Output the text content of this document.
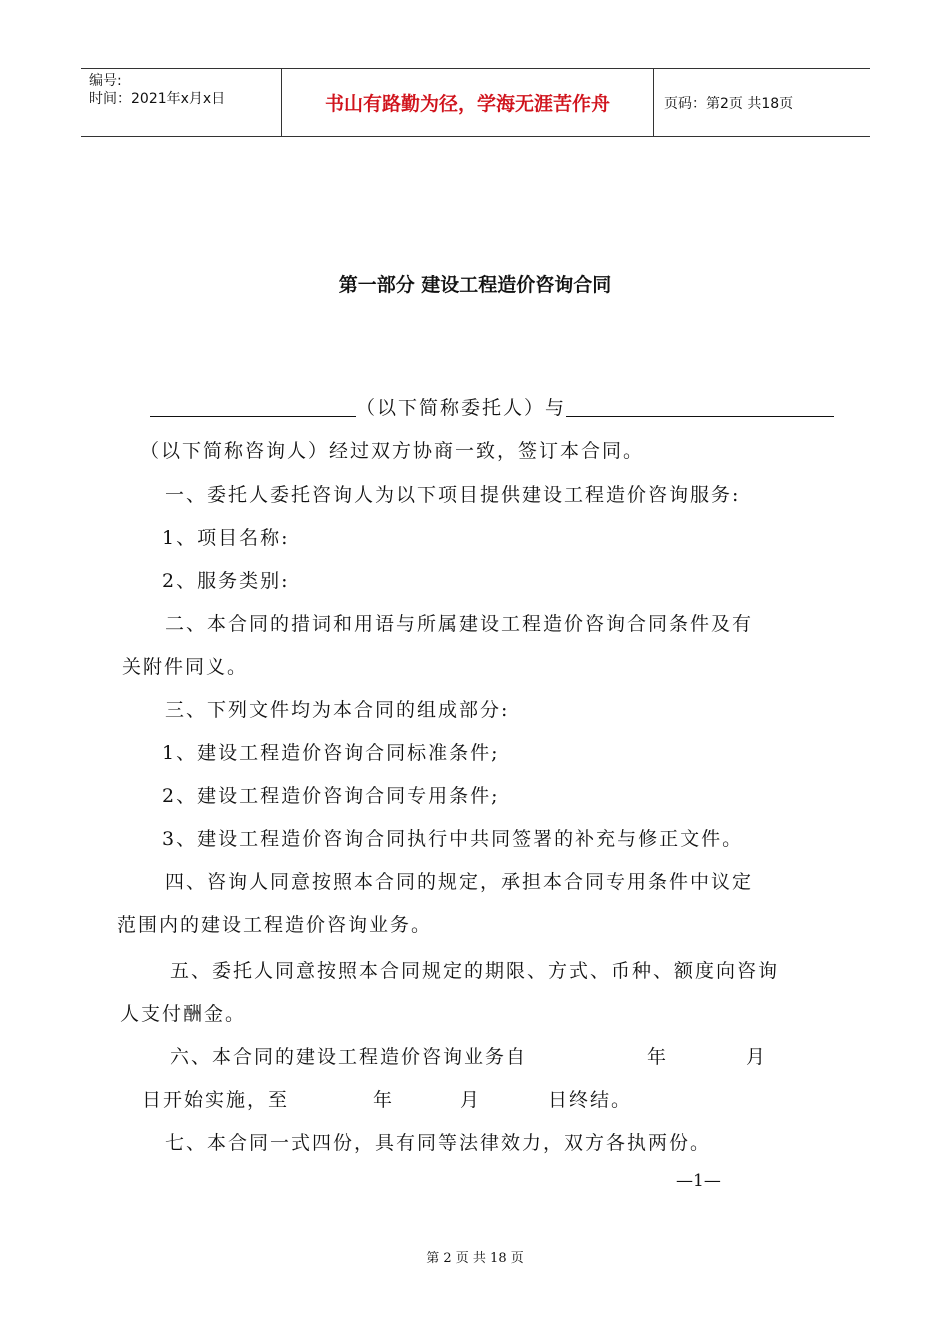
编号:
时间：2021年x月x日	书山有路勤为径，学海无涯苦作舟	页码：第2页 共18页
第一部分 建设工程造价咨询合同
（以下简称委托人）与
（以下简称咨询人）经过双方协商一致，签订本合同。
一、委托人委托咨询人为以下项目提供建设工程造价咨询服务:
1、项目名称:
2、服务类别:
二、本合同的措词和用语与所属建设工程造价咨询合同条件及有
关附件同义。
三、下列文件均为本合同的组成部分:
1、建设工程造价咨询合同标准条件;
2、建设工程造价咨询合同专用条件;
3、建设工程造价咨询合同执行中共同签署的补充与修正文件。
四、咨询人同意按照本合同的规定，承担本合同专用条件中议定
范围内的建设工程造价咨询业务。
五、委托人同意按照本合同规定的期限、方式、币种、额度向咨询
人支付酬金。
六、本合同的建设工程造价咨询业务自	年	月
日开始实施，至	年	月	日终结。
七、本合同一式四份，具有同等法律效力，双方各执两份。
—1—
第 2 页 共 18 页
